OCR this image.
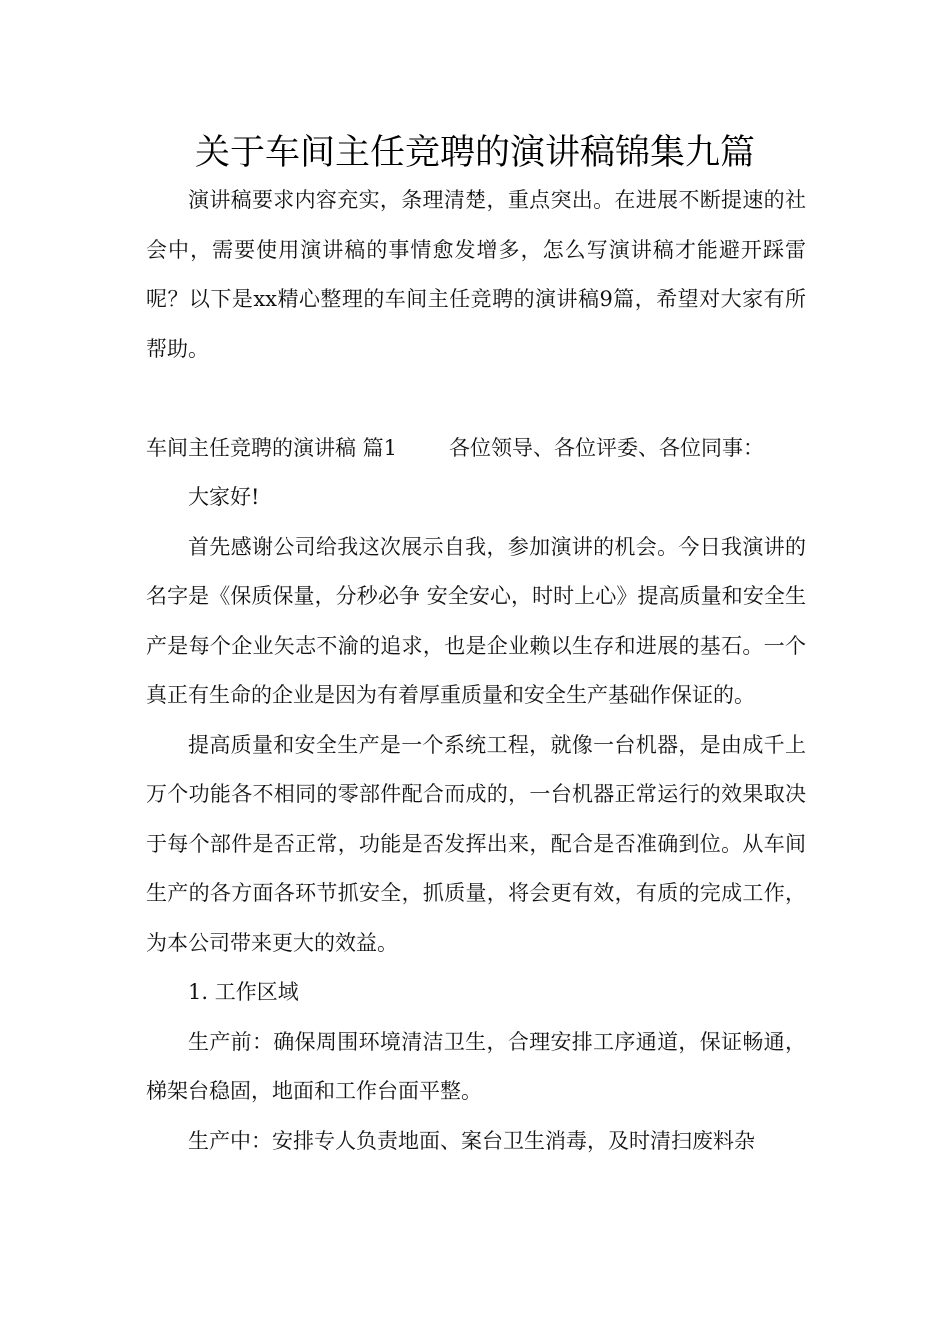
关于车间主任竞聘的演讲稿锦集九篇

演讲稿要求内容充实，条理清楚，重点突出。在进展不断提速的社会中，需要使用演讲稿的事情愈发增多，怎么写演讲稿才能避开踩雷呢？以下是xx精心整理的车间主任竞聘的演讲稿9篇，希望对大家有所帮助。

车间主任竞聘的演讲稿 篇1 各位领导、各位评委、各位同事：

大家好!

首先感谢公司给我这次展示自我，参加演讲的机会。今日我演讲的名字是《保质保量，分秒必争 安全安心，时时上心》提高质量和安全生产是每个企业矢志不渝的追求，也是企业赖以生存和进展的基石。一个真正有生命的企业是因为有着厚重质量和安全生产基础作保证的。

提高质量和安全生产是一个系统工程，就像一台机器，是由成千上万个功能各不相同的零部件配合而成的，一台机器正常运行的效果取决于每个部件是否正常，功能是否发挥出来，配合是否准确到位。从车间生产的各方面各环节抓安全，抓质量，将会更有效，有质的完成工作，为本公司带来更大的效益。

1. 工作区域

生产前：确保周围环境清洁卫生，合理安排工序通道，保证畅通，梯架台稳固，地面和工作台面平整。

生产中：安排专人负责地面、案台卫生消毒，及时清扫废料杂
